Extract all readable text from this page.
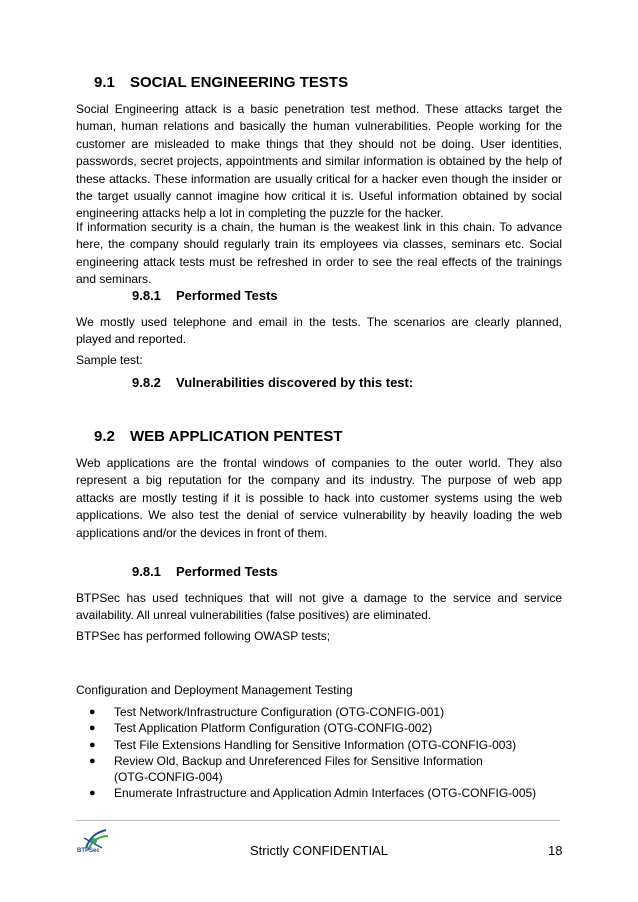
9.1 SOCIAL ENGINEERING TESTS
Social Engineering attack is a basic penetration test method. These attacks target the human, human relations and basically the human vulnerabilities. People working for the customer are misleaded to make things that they should not be doing. User identities, passwords, secret projects, appointments and similar information is obtained by the help of these attacks. These information are usually critical for a hacker even though the insider or the target usually cannot imagine how critical it is. Useful information obtained by social engineering attacks help a lot in completing the puzzle for the hacker.
If information security is a chain, the human is the weakest link in this chain. To advance here, the company should regularly train its employees via classes, seminars etc. Social engineering attack tests must be refreshed in order to see the real effects of the trainings and seminars.
9.8.1 Performed Tests
We mostly used telephone and email in the tests. The scenarios are clearly planned, played and reported.
Sample test:
9.8.2 Vulnerabilities discovered by this test:
9.2 WEB APPLICATION PENTEST
Web applications are the frontal windows of companies to the outer world. They also represent a big reputation for the company and its industry. The purpose of web app attacks are mostly testing if it is possible to hack into customer systems using the web applications. We also test the denial of service vulnerability by heavily loading the web applications and/or the devices in front of them.
9.8.1 Performed Tests
BTPSec has used techniques that will not give a damage to the service and service availability. All unreal vulnerabilities (false positives) are eliminated.
BTPSec has performed following OWASP tests;
Configuration and Deployment Management Testing
● Test Network/Infrastructure Configuration (OTG-CONFIG-001)
● Test Application Platform Configuration (OTG-CONFIG-002)
● Test File Extensions Handling for Sensitive Information (OTG-CONFIG-003)
● Review Old, Backup and Unreferenced Files for Sensitive Information (OTG-CONFIG-004)
● Enumerate Infrastructure and Application Admin Interfaces (OTG-CONFIG-005)
BTPSec	Strictly CONFIDENTIAL	18
